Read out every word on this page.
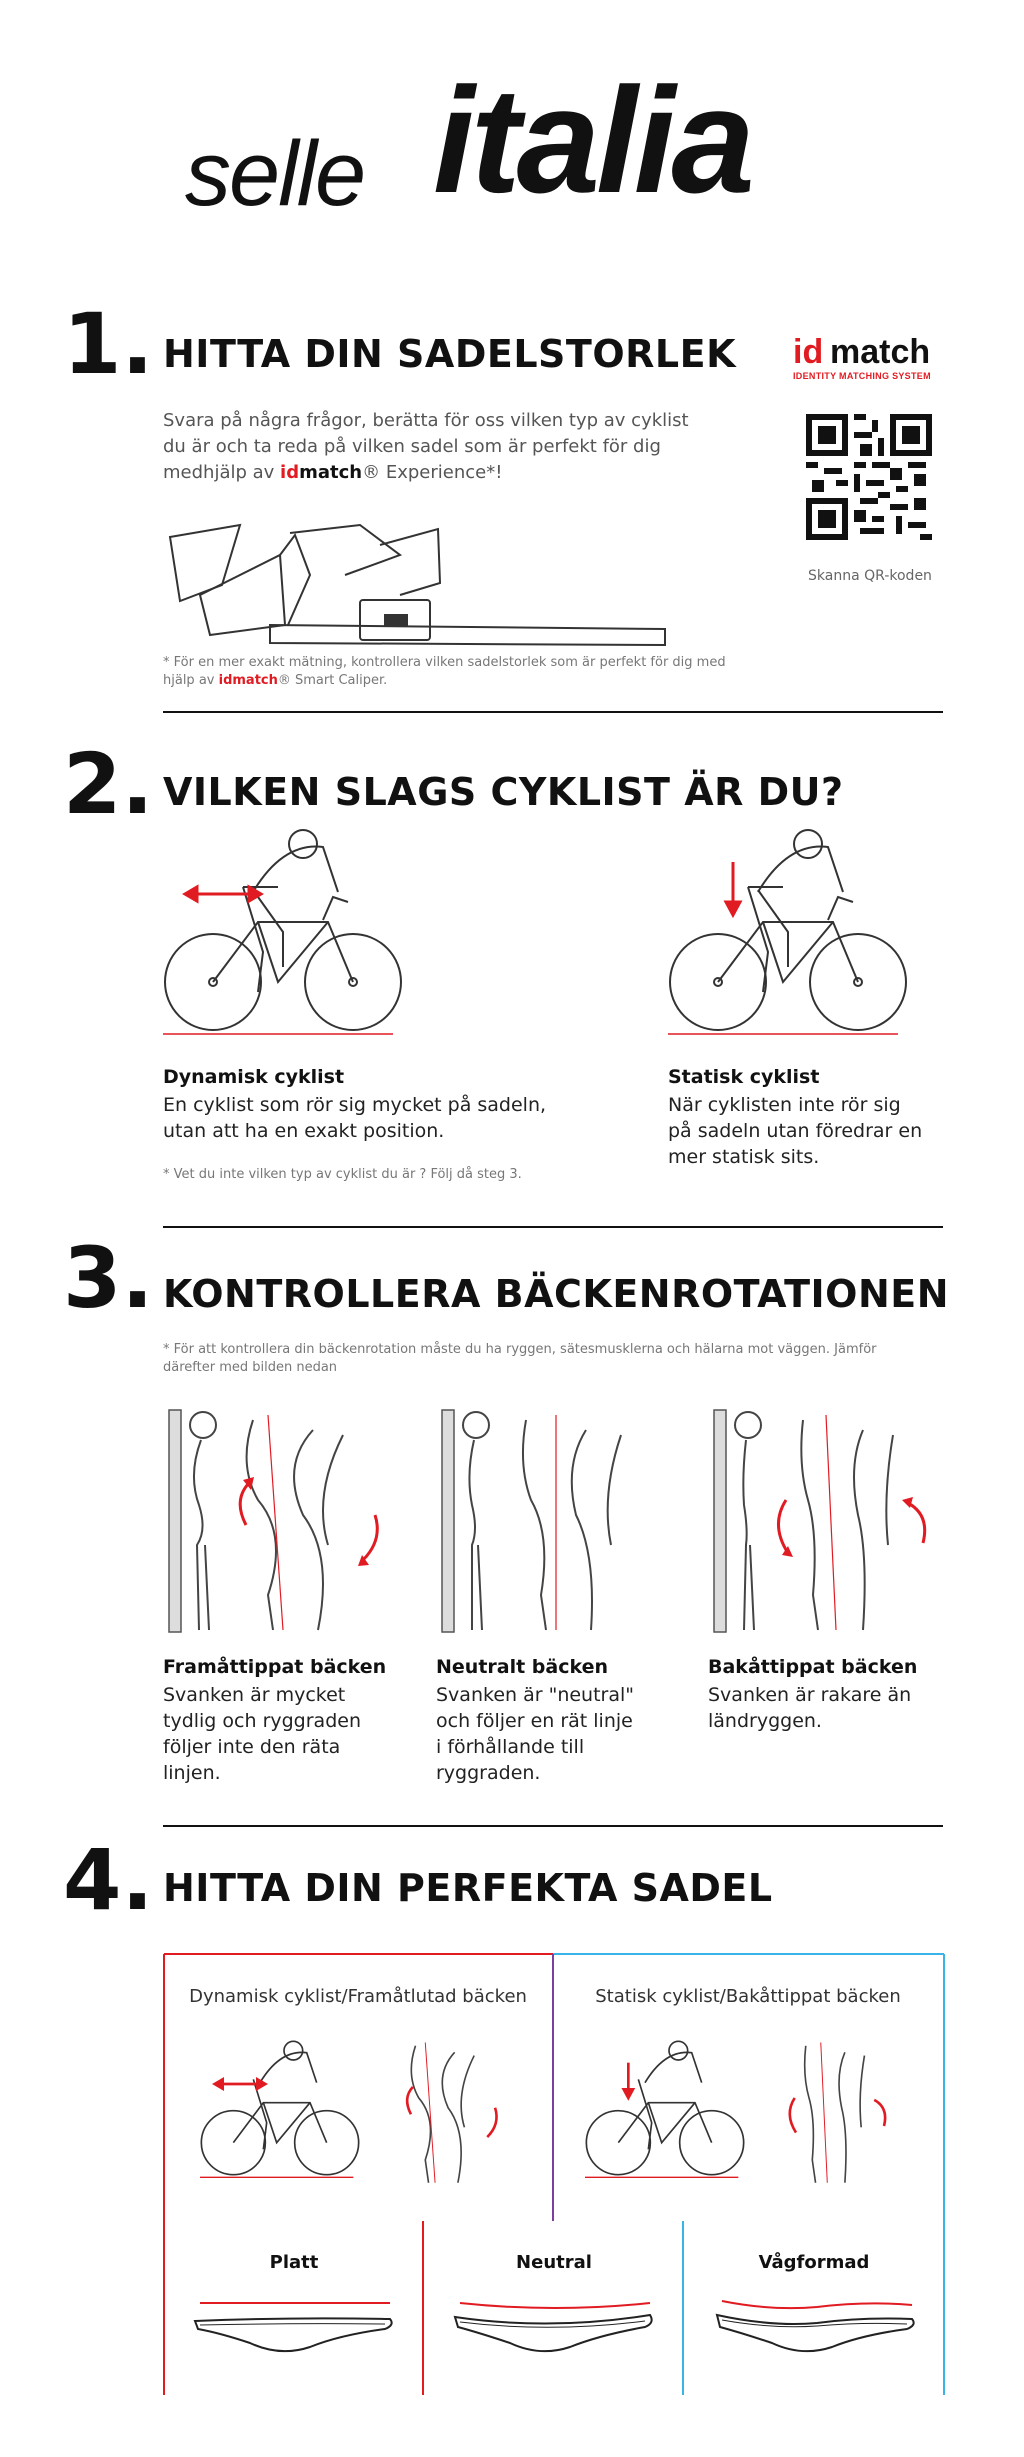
selle italia
1. HITTA DIN SADELSTORLEK
Svara på några frågor, berätta för oss vilken typ av cyklist du är och ta reda på vilken sadel som är perfekt för dig medhjälp av idmatch® Experience*!
id match
IDENTITY MATCHING SYSTEM
Skanna QR-koden
* För en mer exakt mätning, kontrollera vilken sadelstorlek som är perfekt för dig med hjälp av idmatch® Smart Caliper.
2. VILKEN SLAGS CYKLIST ÄR DU?
Dynamisk cyklist
En cyklist som rör sig mycket på sadeln, utan att ha en exakt position.
* Vet du inte vilken typ av cyklist du är ? Följ då steg 3.
Statisk cyklist
När cyklisten inte rör sig på sadeln utan föredrar en mer statisk sits.
3. KONTROLLERA BÄCKENROTATIONEN
* För att kontrollera din bäckenrotation måste du ha ryggen, sätesmusklerna och hälarna mot väggen. Jämför därefter med bilden nedan
Framåttippat bäcken
Svanken är mycket tydlig och ryggraden följer inte den räta linjen.
Neutralt bäcken
Svanken är "neutral" och följer en rät linje i förhållande till ryggraden.
Bakåttippat bäcken
Svanken är rakare än ländryggen.
4. HITTA DIN PERFEKTA SADEL
Dynamisk cyklist/Framåtlutad bäcken	Statisk cyklist/Bakåttippat bäcken
Platt	Neutral	Vågformad
